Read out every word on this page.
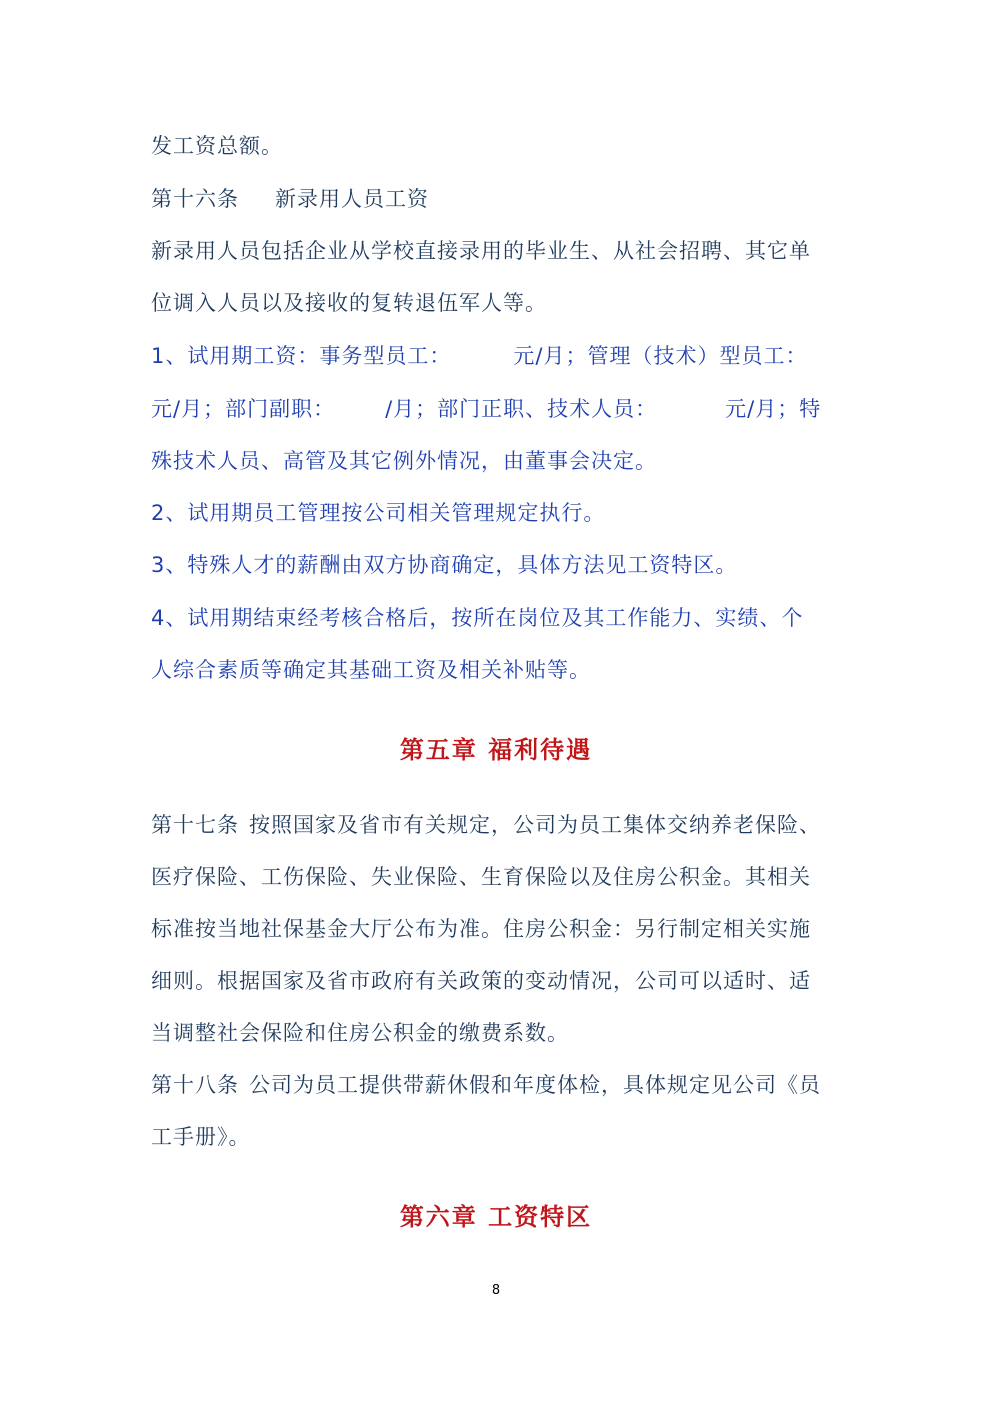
发工资总额。
第十六条 新录用人员工资
新录用人员包括企业从学校直接录用的毕业生、从社会招聘、其它单
位调入人员以及接收的复转退伍军人等。
1、试用期工资：事务型员工：	元/月；管理（技术）型员工：
元/月；部门副职： /月；部门正职、技术人员：	元/月；特
殊技术人员、高管及其它例外情况，由董事会决定。
2、试用期员工管理按公司相关管理规定执行。
3、特殊人才的薪酬由双方协商确定，具体方法见工资特区。
4、试用期结束经考核合格后，按所在岗位及其工作能力、实绩、个
人综合素质等确定其基础工资及相关补贴等。
第五章 福利待遇
第十七条 按照国家及省市有关规定，公司为员工集体交纳养老保险、
医疗保险、工伤保险、失业保险、生育保险以及住房公积金。其相关
标准按当地社保基金大厅公布为准。住房公积金：另行制定相关实施
细则。根据国家及省市政府有关政策的变动情况，公司可以适时、适
当调整社会保险和住房公积金的缴费系数。
第十八条 公司为员工提供带薪休假和年度体检，具体规定见公司《员
工手册》。
第六章 工资特区
8
